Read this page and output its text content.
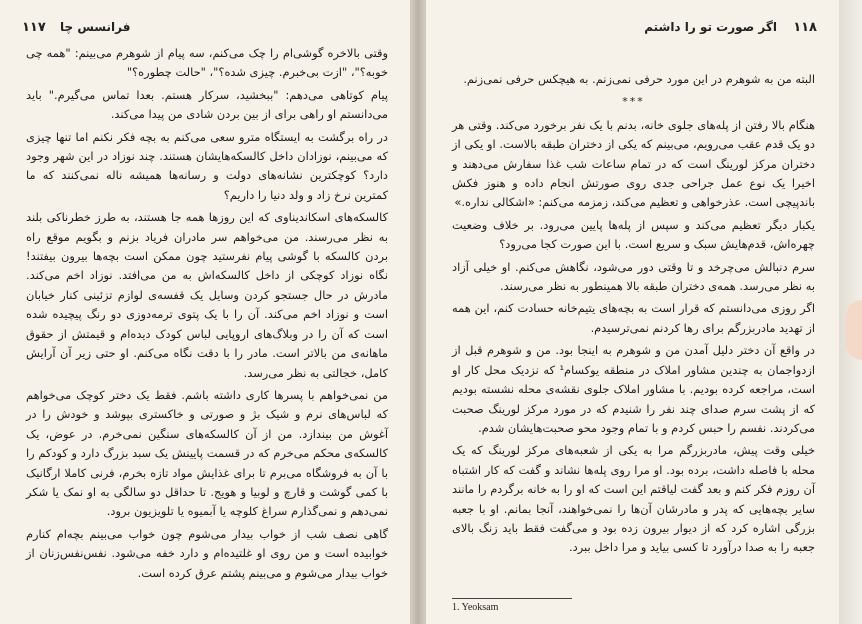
۱۱۷ فرانسس چا

وقتی بالاخره گوشی‌ام را چک می‌کنم، سه پیام از شوهرم می‌بینم: "همه چی خوبه؟"، "ازت بی‌خبرم. چیزی شده؟"، "حالت چطوره؟"

پیام کوتاهی می‌دهم: "ببخشید، سرکار هستم. بعدا تماس می‌گیرم." باید می‌دانستم او راهی برای از بین بردن شادی من پیدا می‌کند.

در راه برگشت به ایستگاه مترو سعی می‌کنم به بچه فکر نکنم اما تنها چیزی که می‌بینم، نوزادان داخل کالسکه‌هایشان هستند. چند نوزاد در این شهر وجود دارد؟ کوچکترین نشانه‌های دولت و رسانه‌ها همیشه ناله نمی‌کنند که ما کمترین نرخ زاد و ولد دنیا را داریم؟

کالسکه‌های اسکاندیناوی که این روزها همه جا هستند، به طرز خطرناکی بلند به نظر می‌رسند. من می‌خواهم سر مادران فریاد بزنم و بگویم موقع راه بردن کالسکه با گوشی پیام نفرستید چون ممکن است بچه‌ها بیرون بیفتند! نگاه نوزاد کوچکی از داخل کالسکه‌اش به من می‌افتد. نوزاد اخم می‌کند. مادرش در حال جستجو کردن وسایل یک قفسه‌ی لوازم تزئینی کنار خیابان است و نوزاد اخم می‌کند. آن را با یک پتوی ترمه‌دوزی دو رنگ پیچیده شده است که آن را در وبلاگ‌های اروپایی لباس کودک دیده‌ام و قیمتش از حقوق ماهانه‌ی من بالاتر است. مادر را با دقت نگاه می‌کنم. او حتی زیر آن آرایش کامل، خجالتی به نظر می‌رسد.

من نمی‌خواهم با پسرها کاری داشته باشم. فقط یک دختر کوچک می‌خواهم که لباس‌های نرم و شیک بژ و صورتی و خاکستری بپوشد و خودش را در آغوش من بیندازد. من از آن کالسکه‌های سنگین نمی‌خرم. در عوض، یک کالسکه‌ی محکم می‌خرم که در قسمت پایینش یک سبد بزرگ دارد و کودکم را با آن به فروشگاه می‌برم تا برای غذایش مواد تازه بخرم، فرنی کاملا ارگانیک با کمی گوشت و قارچ و لوبیا و هویج. تا حداقل دو سالگی به او نمک یا شکر نمی‌دهم و نمی‌گذارم سراغ کلوچه یا آبمیوه یا تلویزیون برود.

گاهی نصف شب از خواب بیدار می‌شوم چون خواب می‌بینم بچه‌ام کنارم خوابیده است و من روی او غلتیده‌ام و دارد خفه می‌شود. نفس‌نفس‌زنان از خواب بیدار می‌شوم و می‌بینم پشتم عرق کرده است.

۱۱۸
اگر صورت تو را داشتم

البته من به شوهرم در این مورد حرفی نمی‌زنم. به هیچکس حرفی نمی‌زنم.

***

هنگام بالا رفتن از پله‌های جلوی خانه، بدنم با یک نفر برخورد می‌کند. وقتی هر دو یک قدم عقب می‌رویم، می‌بینم که یکی از دختران طبقه بالاست. او یکی از دختران مرکز لورینگ است که در تمام ساعات شب غذا سفارش می‌دهند و اخیرا یک نوع عمل جراحی جدی روی صورتش انجام داده و هنوز فکش باندپیچی است. عذرخواهی و تعظیم می‌کند، زمزمه می‌کنم: «اشکالی نداره.»

یکبار دیگر تعظیم می‌کند و سپس از پله‌ها پایین می‌رود. بر خلاف وضعیت چهره‌اش، قدم‌هایش سبک و سریع است. با این صورت کجا می‌رود؟

سرم دنبالش می‌چرخد و تا وقتی دور می‌شود، نگاهش می‌کنم. او خیلی آزاد به نظر می‌رسد. همه‌ی دختران طبقه بالا همینطور به نظر می‌رسند.

اگر روزی می‌دانستم که قرار است به بچه‌های یتیم‌خانه حسادت کنم، این همه از تهدید مادربزرگم برای رها کردنم نمی‌ترسیدم.

در واقع آن دختر دلیل آمدن من و شوهرم به اینجا بود. من و شوهرم قبل از ازدواجمان به چندین مشاور املاک در منطقه یوکسام¹ که نزدیک محل کار او است، مراجعه کرده بودیم. با مشاور املاک جلوی نقشه‌ی محله نشسته بودیم که از پشت سرم صدای چند نفر را شنیدم که در مورد مرکز لورینگ صحبت می‌کردند. نفسم را حبس کردم و با تمام وجود محو صحبت‌هایشان شدم.

خیلی وقت پیش، مادربزرگم مرا به یکی از شعبه‌های مرکز لورینگ که یک محله با فاصله داشت، برده بود. او مرا روی پله‌ها نشاند و گفت که کار اشتباه آن روزم فکر کنم و بعد گفت لیاقتم این است که او را به خانه برگردم را مانند سایر بچه‌هایی که پدر و مادرشان آن‌ها را نمی‌خواهند، آنجا بمانم. او با جعبه بزرگی اشاره کرد که از دیوار بیرون زده بود و می‌گفت فقط باید زنگ بالای جعبه را به صدا درآورد تا کسی بیاید و مرا داخل ببرد.

1. Yeoksam
